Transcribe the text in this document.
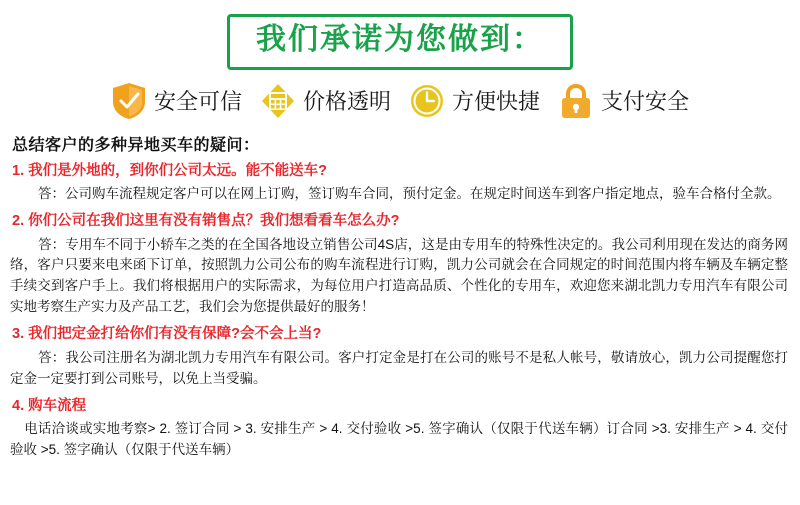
我们承诺为您做到：
安全可信	价格透明	方便快捷	支付安全
总结客户的多种异地买车的疑问：
1. 我们是外地的，到你们公司太远。能不能送车?
答：公司购车流程规定客户可以在网上订购，签订购车合同，预付定金。在规定时间送车到客户指定地点，验车合格付全款。
2. 你们公司在我们这里有没有销售点？我们想看看车怎么办?
答：专用车不同于小轿车之类的在全国各地设立销售公司4S店，这是由专用车的特殊性决定的。我公司利用现在发达的商务网络，客户只要来电来函下订单，按照凯力公司公布的购车流程进行订购，凯力公司就会在合同规定的时间范围内将车辆及车辆定整手续交到客户手上。我们将根据用户的实际需求，为每位用户打造高品质、个性化的专用车，欢迎您来湖北凯力专用汽车有限公司实地考察生产实力及产品工艺，我们会为您提供最好的服务！
3. 我们把定金打给你们有没有保障?会不会上当?
答：我公司注册名为湖北凯力专用汽车有限公司。客户打定金是打在公司的账号不是私人帐号，敬请放心，凯力公司提醒您打定金一定要打到公司账号，以免上当受骗。
4. 购车流程
电话洽谈或实地考察> 2. 签订合同 > 3. 安排生产 > 4. 交付验收 >5. 签字确认（仅限于代送车辆）订合同 >3. 安排生产 > 4. 交付验收 >5. 签字确认（仅限于代送车辆）
